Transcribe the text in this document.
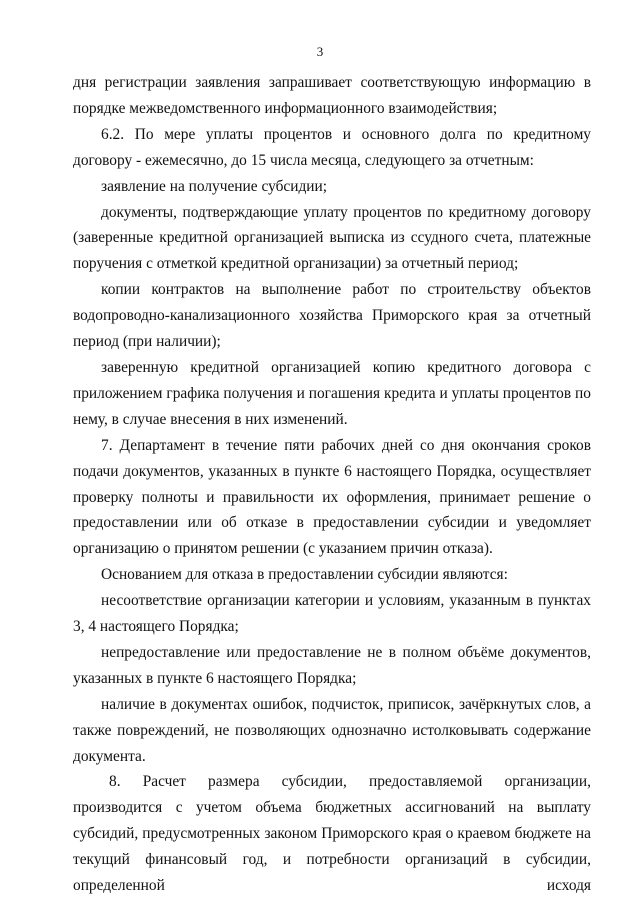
3

дня регистрации заявления запрашивает соответствующую информацию в порядке межведомственного информационного взаимодействия;

6.2. По мере уплаты процентов и основного долга по кредитному договору - ежемесячно, до 15 числа месяца, следующего за отчетным:

заявление на получение субсидии;

документы, подтверждающие уплату процентов по кредитному договору (заверенные кредитной организацией выписка из ссудного счета, платежные поручения с отметкой кредитной организации) за отчетный период;

копии контрактов на выполнение работ по строительству объектов водопроводно-канализационного хозяйства Приморского края за отчетный период (при наличии);

заверенную кредитной организацией копию кредитного договора с приложением графика получения и погашения кредита и уплаты процентов по нему, в случае внесения в них изменений.

7. Департамент в течение пяти рабочих дней со дня окончания сроков подачи документов, указанных в пункте 6 настоящего Порядка, осуществляет проверку полноты и правильности их оформления, принимает решение о предоставлении или об отказе в предоставлении субсидии и уведомляет организацию о принятом решении (с указанием причин отказа).

Основанием для отказа в предоставлении субсидии являются:

несоответствие организации категории и условиям, указанным в пунктах 3, 4 настоящего Порядка;

непредоставление или предоставление не в полном объёме документов, указанных в пункте 6 настоящего Порядка;

наличие в документах ошибок, подчисток, приписок, зачёркнутых слов, а также повреждений, не позволяющих однозначно истолковывать содержание документа.

8. Расчет размера субсидии, предоставляемой организации, производится с учетом объема бюджетных ассигнований на выплату субсидий, предусмотренных законом Приморского края о краевом бюджете на текущий финансовый год, и потребности организаций в субсидии, определенной исходя
